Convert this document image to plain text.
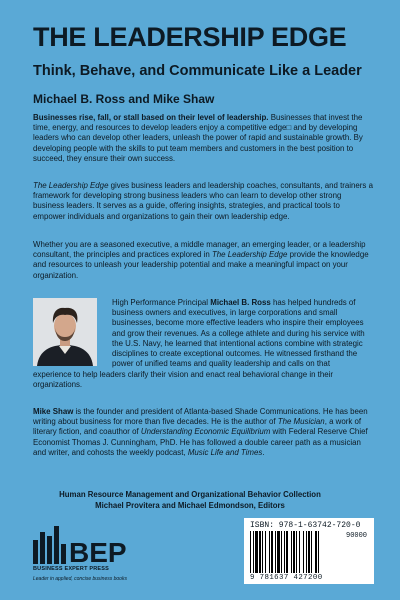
THE LEADERSHIP EDGE
Think, Behave, and Communicate Like a Leader
Michael B. Ross and Mike Shaw

Businesses rise, fall, or stall based on their level of leadership. Businesses that invest the time, energy, and resources to develop leaders enjoy a competitive edge□ and by developing leaders who can develop other leaders, unleash the power of rapid and sustainable growth. By developing people with the skills to put team members and customers in the best position to succeed, they ensure their own success.

The Leadership Edge gives business leaders and leadership coaches, consultants, and trainers a framework for developing strong business leaders who can learn to develop other strong business leaders. It serves as a guide, offering insights, strategies, and practical tools to empower individuals and organizations to gain their own leadership edge.

Whether you are a seasoned executive, a middle manager, an emerging leader, or a leadership consultant, the principles and practices explored in The Leadership Edge provide the knowledge and resources to unleash your leadership potential and make a meaningful impact on your organization.

High Performance Principal Michael B. Ross has helped hundreds of business owners and executives, in large corporations and small businesses, become more effective leaders who inspire their employees and grow their revenues. As a college athlete and during his service with the U.S. Navy, he learned that intentional actions combine with strategic disciplines to create exceptional outcomes. He witnessed firsthand the power of unified teams and quality leadership and calls on that

experience to help leaders clarify their vision and enact real behavioral change in their organizations.

Mike Shaw is the founder and president of Atlanta-based Shade Communications. He has been writing about business for more than five decades. He is the author of The Musician, a work of literary fiction, and coauthor of Understanding Economic Equilibrium with Federal Reserve Chief Economist Thomas J. Cunningham, PhD. He has followed a double career path as a musician and writer, and cohosts the weekly podcast, Music Life and Times.

Human Resource Management and Organizational Behavior Collection
Michael Provitera and Michael Edmondson, Editors
BEP
BUSINESS EXPERT PRESS
Leader in applied, concise business books
ISBN: 978-1-63742-720-0
90000
9 781637 427200
